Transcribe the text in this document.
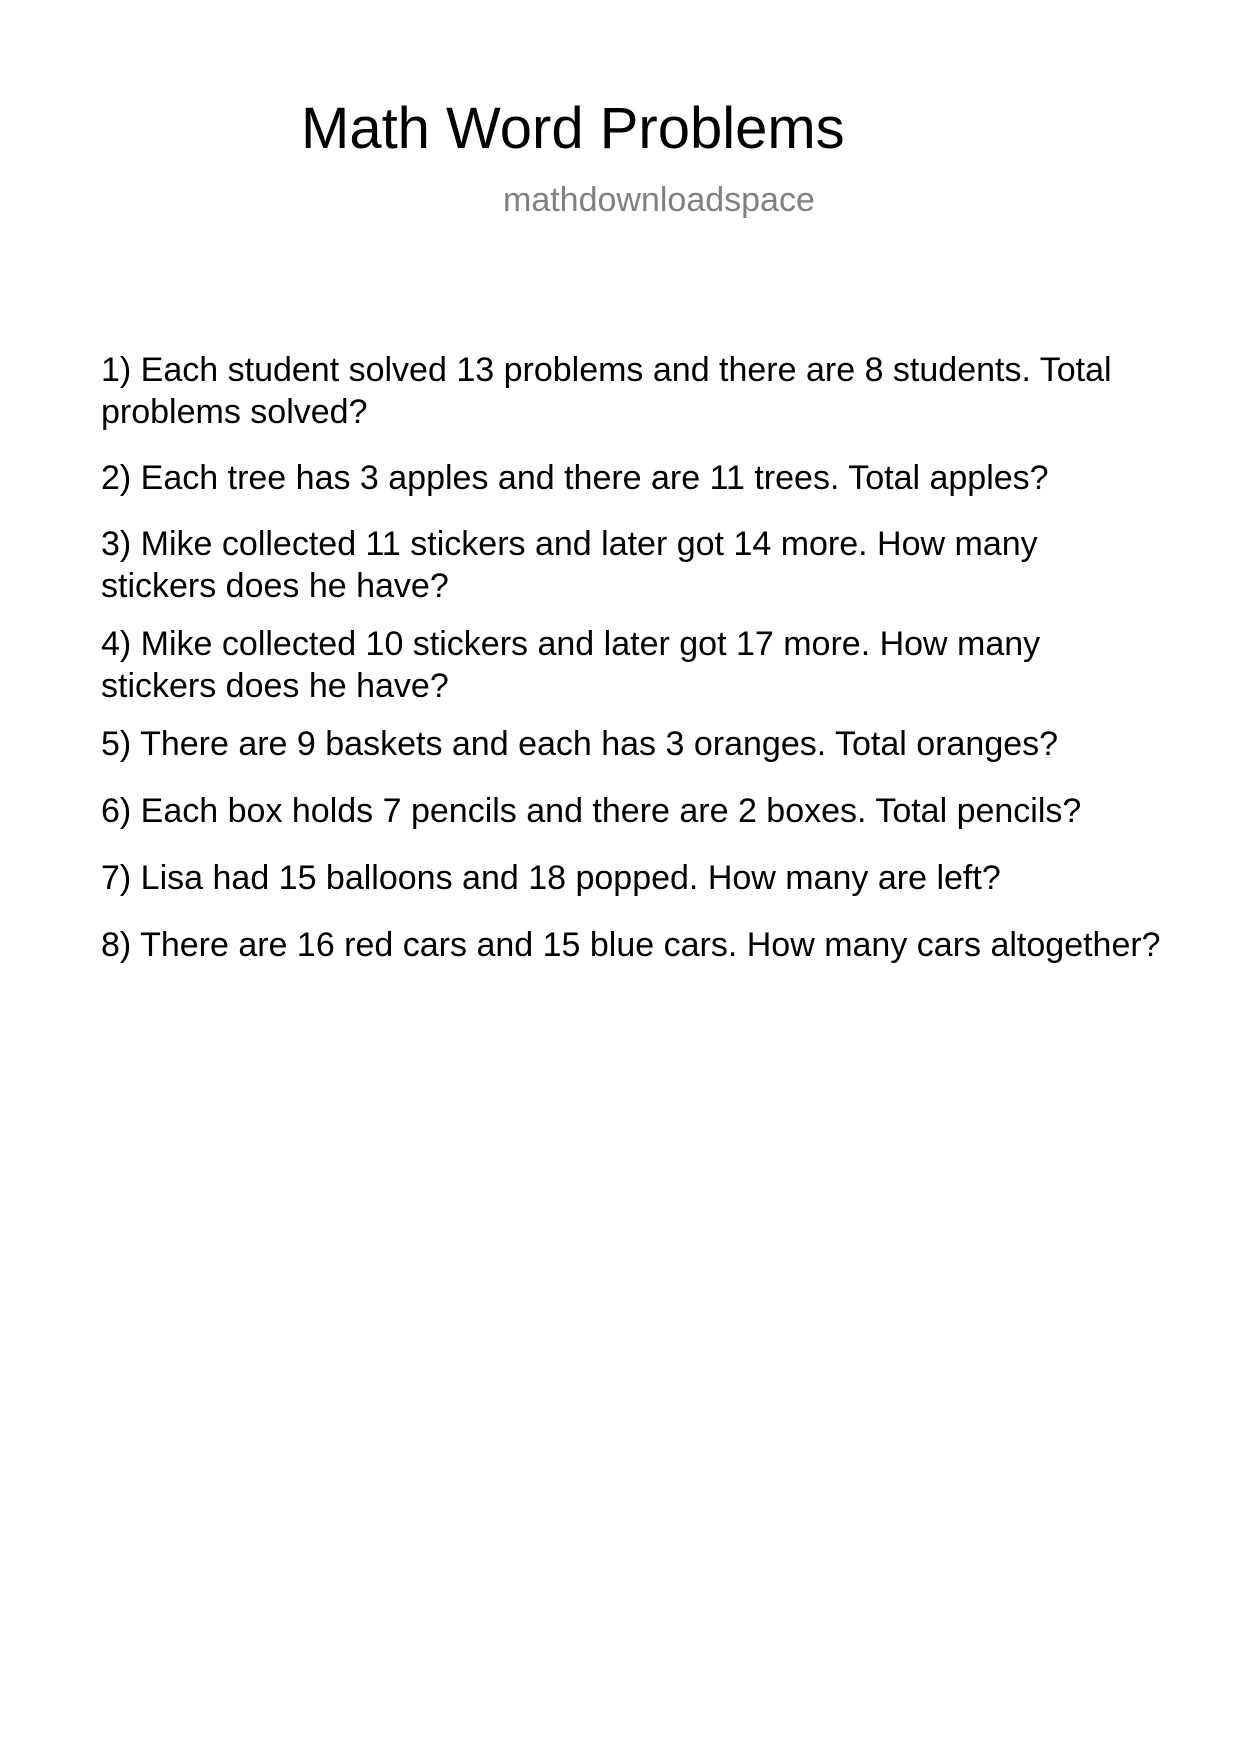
Math Word Problems
mathdownloadspace
1) Each student solved 13 problems and there are 8 students. Total problems solved?
2) Each tree has 3 apples and there are 11 trees. Total apples?
3) Mike collected 11 stickers and later got 14 more. How many stickers does he have?
4) Mike collected 10 stickers and later got 17 more. How many stickers does he have?
5) There are 9 baskets and each has 3 oranges. Total oranges?
6) Each box holds 7 pencils and there are 2 boxes. Total pencils?
7) Lisa had 15 balloons and 18 popped. How many are left?
8) There are 16 red cars and 15 blue cars. How many cars altogether?
